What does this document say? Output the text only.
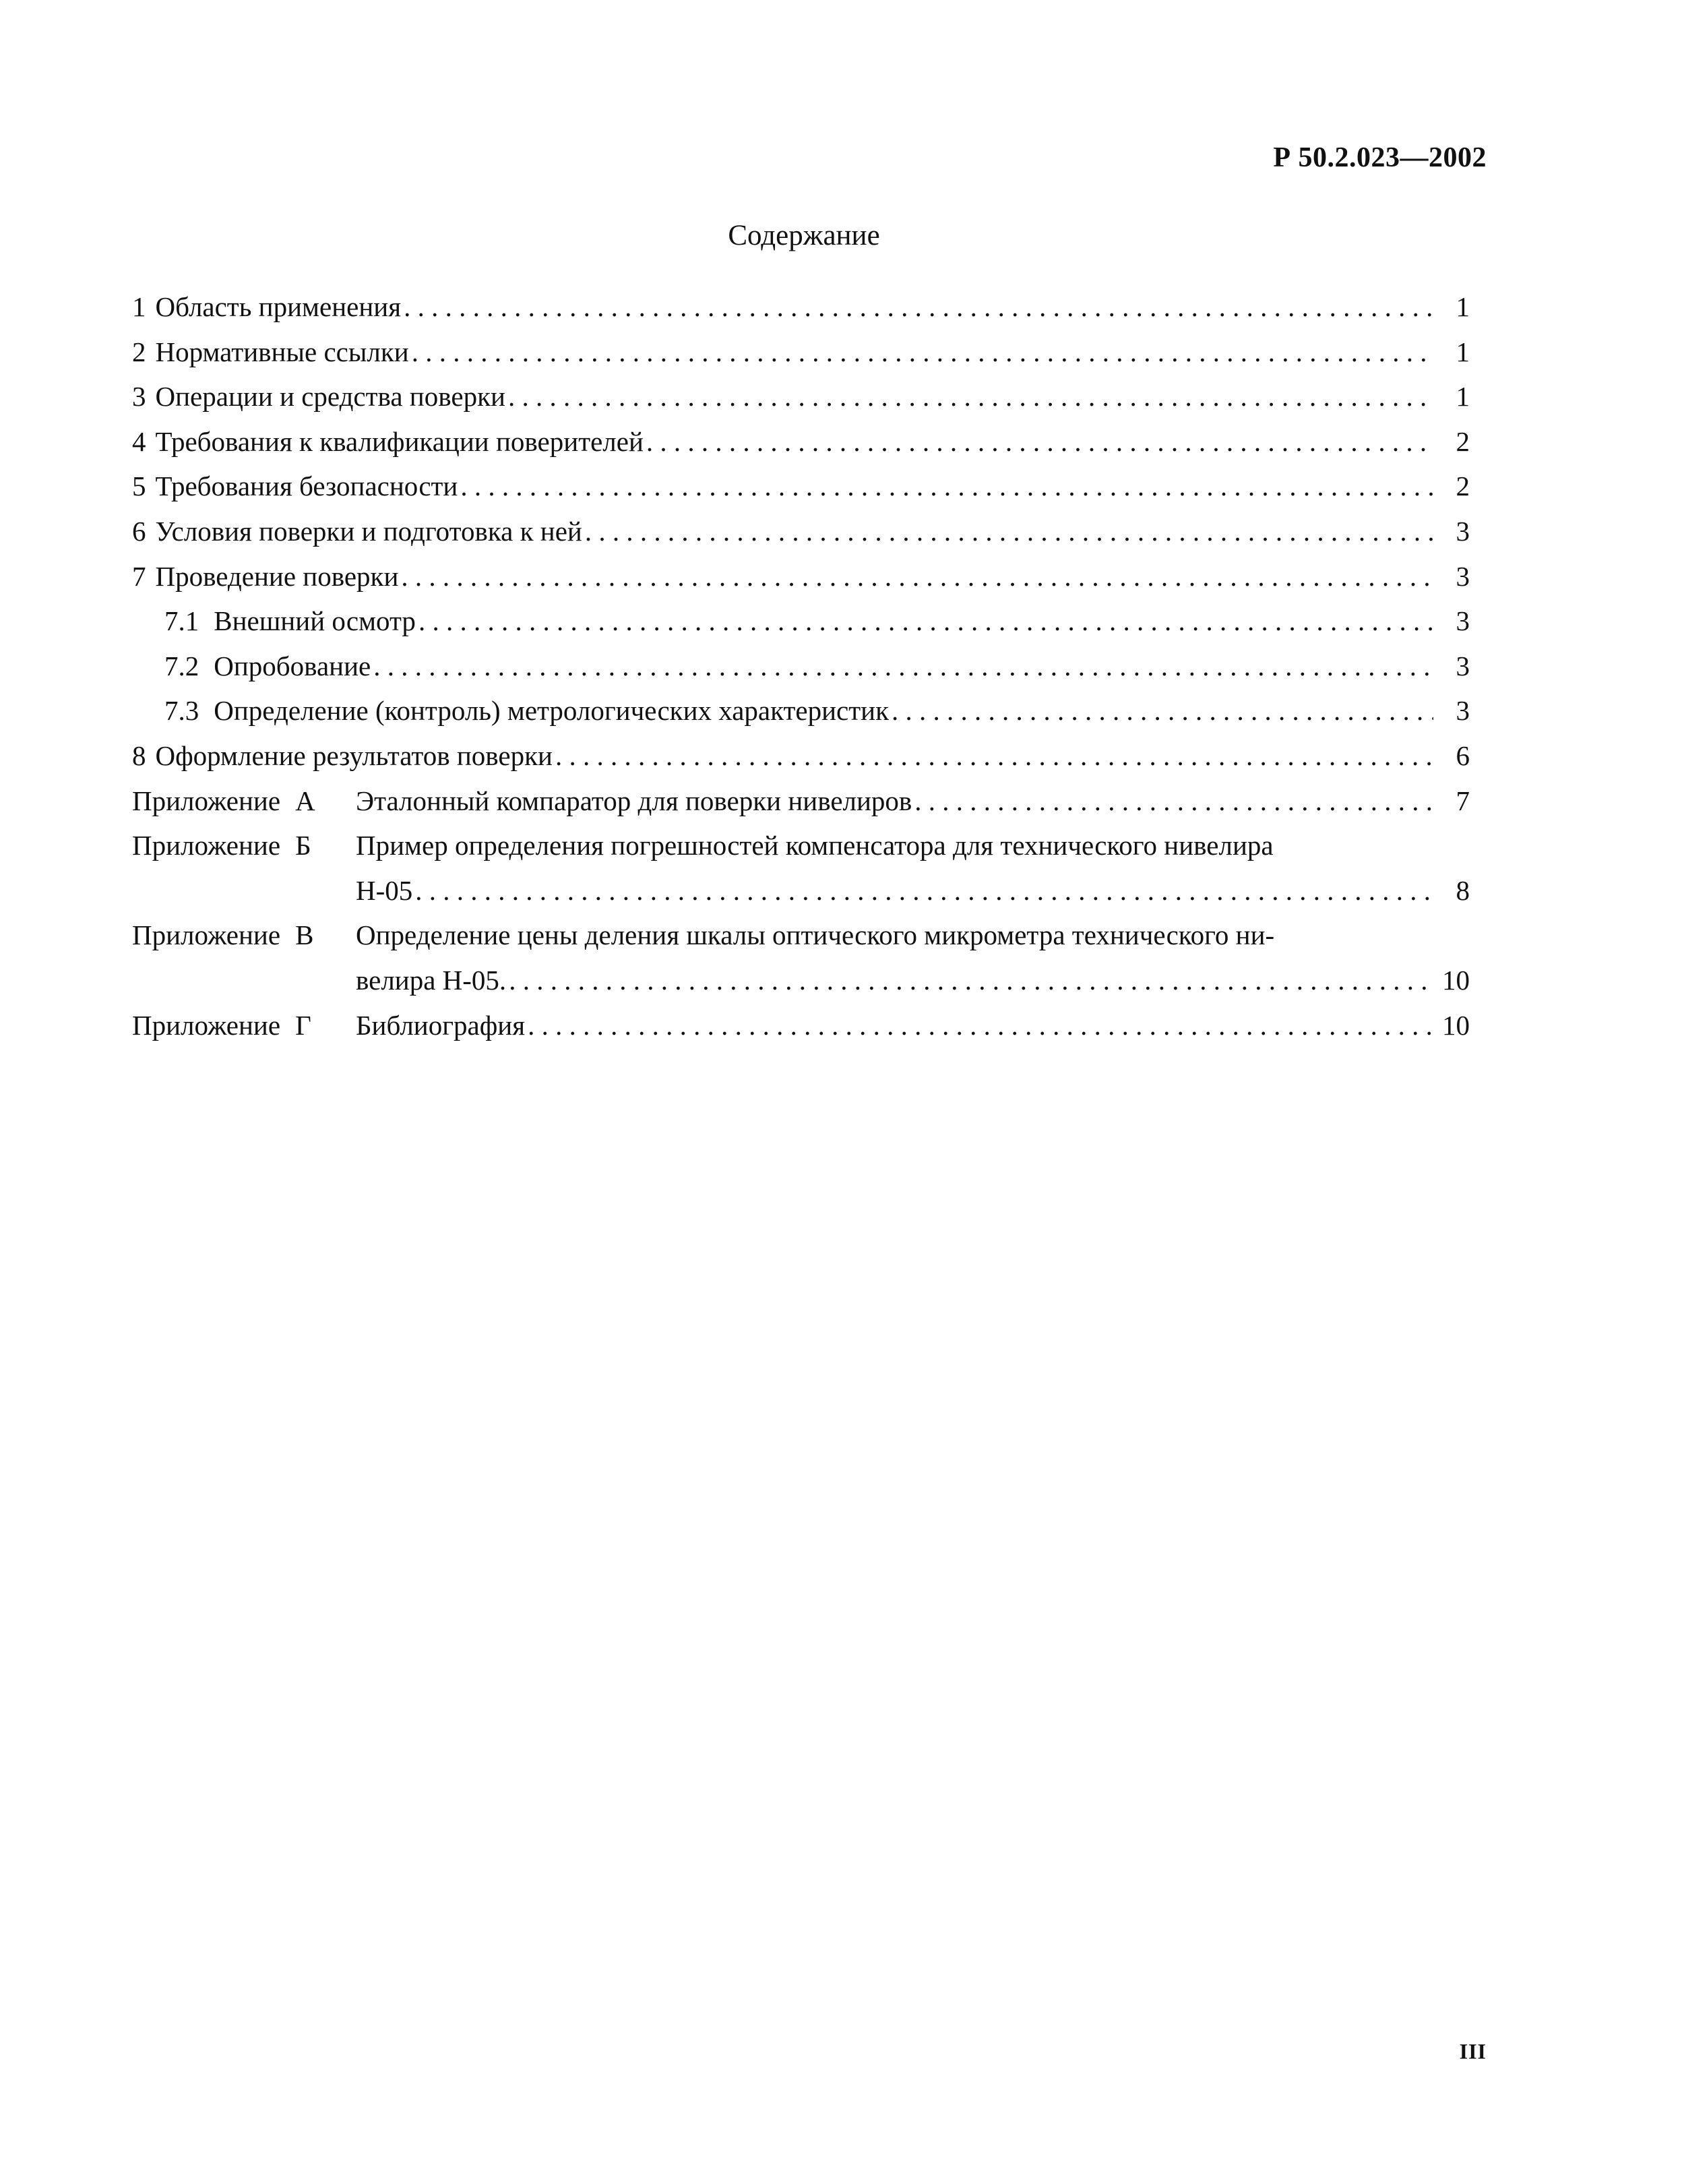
Р 50.2.023—2002
Содержание
1 Область применения . . .	1
2 Нормативные ссылки . . .	1
3 Операции и средства поверки . . .	1
4 Требования к квалификации поверителей . . .	2
5 Требования безопасности . . .	2
6 Условия поверки и подготовка к ней . . .	3
7 Проведение поверки . . .	3
7.1 Внешний осмотр . . .	3
7.2 Опробование . . .	3
7.3 Определение (контроль) метрологических характеристик . . .	3
8 Оформление результатов поверки . . .	6
Приложение А	Эталонный компаратор для поверки нивелиров . . .	7
Приложение Б	Пример определения погрешностей компенсатора для технического нивелира
Н-05 . . .	8
Приложение В	Определение цены деления шкалы оптического микрометра технического ни-
велира Н-05. . . .	10
Приложение Г	Библиография . . .	10
III
